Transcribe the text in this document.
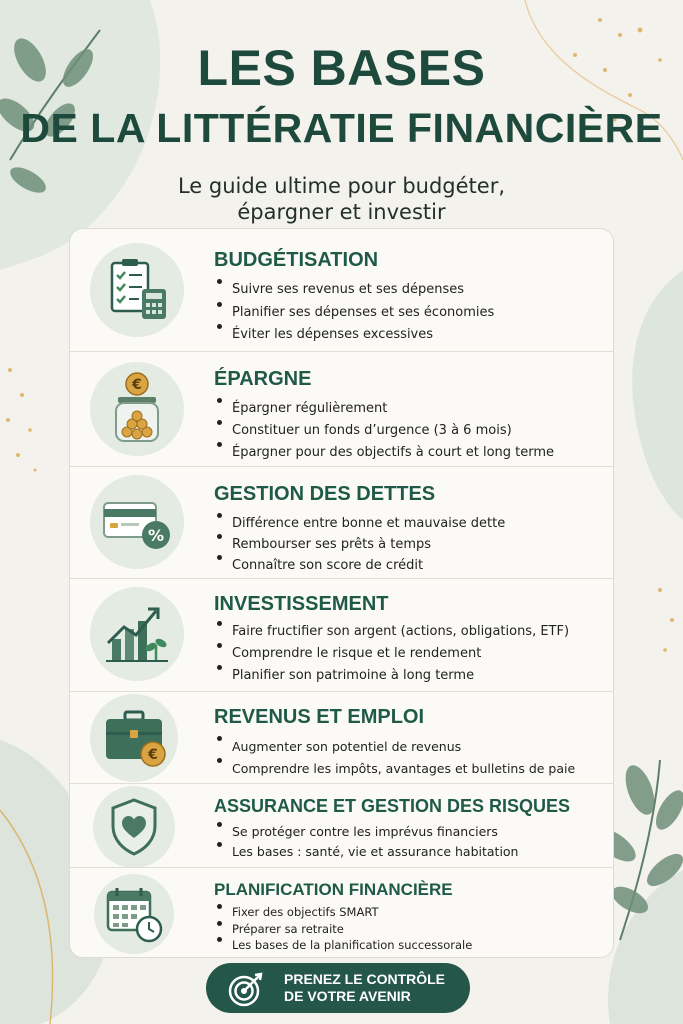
LES BASES
DE LA LITTÉRATIE FINANCIÈRE
Le guide ultime pour budgéter,
épargner et investir
BUDGÉTISATION
Suivre ses revenus et ses dépenses
Planifier ses dépenses et ses économies
Éviter les dépenses excessives
€	ÉPARGNE
Épargner régulièrement
Constituer un fonds d’urgence (3 à 6 mois)
Épargner pour des objectifs à court et long terme
%
GESTION DES DETTES
Différence entre bonne et mauvaise dette
Rembourser ses prêts à temps
Connaître son score de crédit
INVESTISSEMENT
Faire fructifier son argent (actions, obligations, ETF)
Comprendre le risque et le rendement
Planifier son patrimoine à long terme
€
REVENUS ET EMPLOI
Augmenter son potentiel de revenus
Comprendre les impôts, avantages et bulletins de paie
ASSURANCE ET GESTION DES RISQUES
Se protéger contre les imprévus financiers
Les bases : santé, vie et assurance habitation
PLANIFICATION FINANCIÈRE
Fixer des objectifs SMART
Préparer sa retraite
Les bases de la planification successorale
PRENEZ LE CONTRÔLE
DE VOTRE AVENIR
